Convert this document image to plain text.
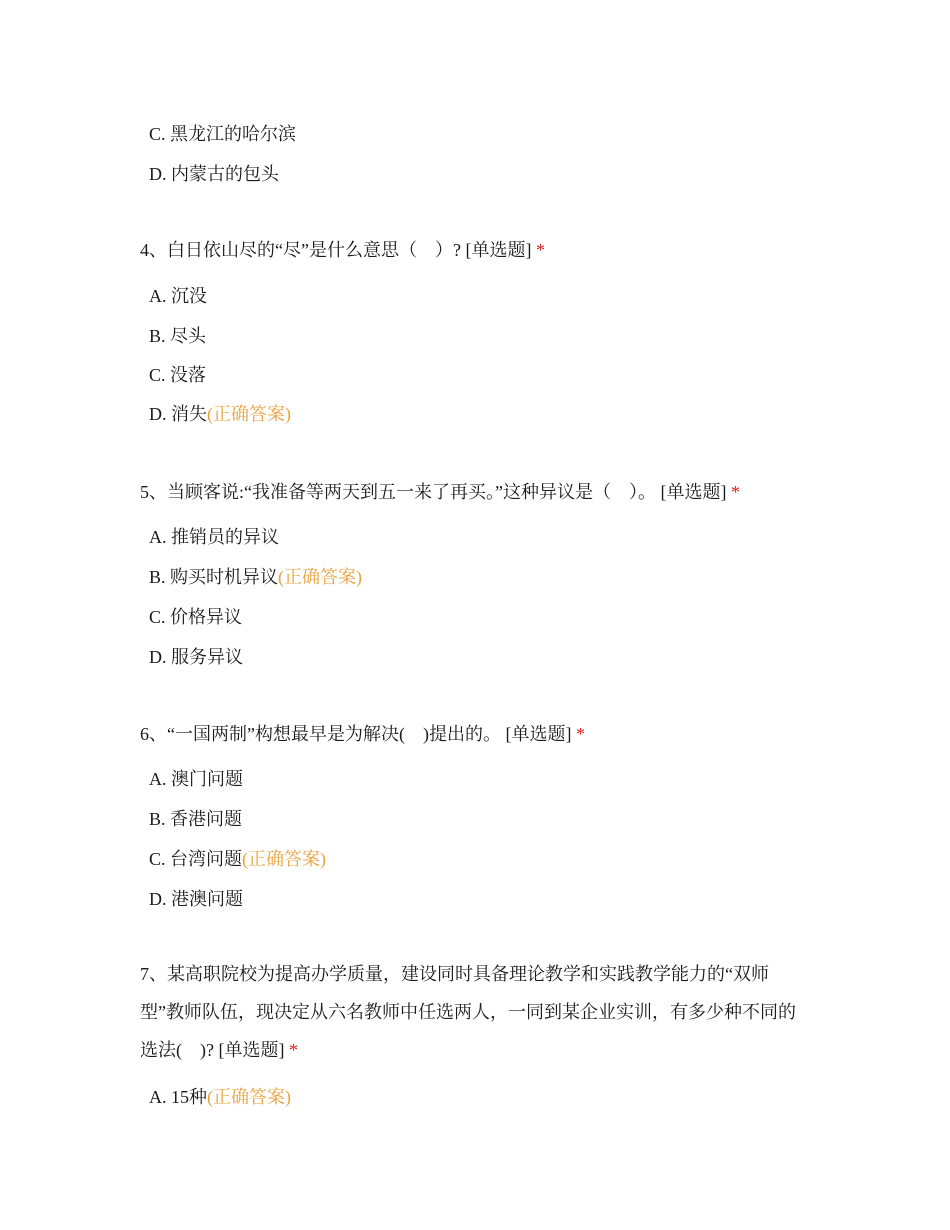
C. 黑龙江的哈尔滨
D. 内蒙古的包头
4、白日依山尽的“尽”是什么意思（　）? [单选题] *
A. 沉没
B. 尽头
C. 没落
D. 消失(正确答案)
5、当顾客说:“我准备等两天到五一来了再买。”这种异议是（　）。 [单选题] *
A. 推销员的异议
B. 购买时机异议(正确答案)
C. 价格异议
D. 服务异议
6、“一国两制”构想最早是为解决(　)提出的。 [单选题] *
A. 澳门问题
B. 香港问题
C. 台湾问题(正确答案)
D. 港澳问题
7、某高职院校为提高办学质量，建设同时具备理论教学和实践教学能力的“双师型”教师队伍，现决定从六名教师中任选两人，一同到某企业实训，有多少种不同的选法(　)? [单选题] *
A. 15种(正确答案)
